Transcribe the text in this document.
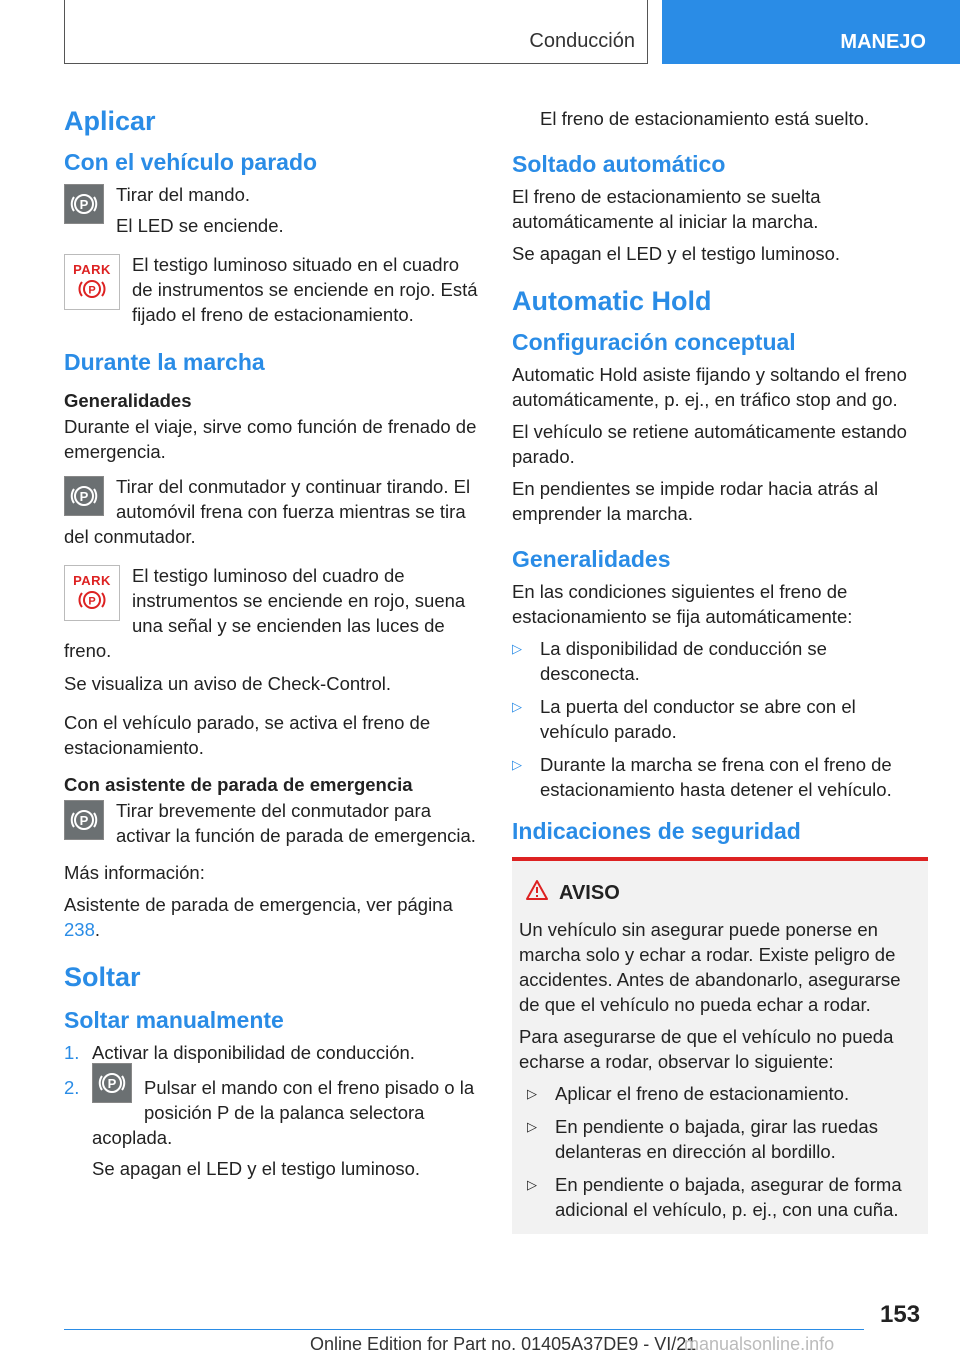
Conducción	MANEJO
Aplicar
Con el vehículo parado
P	Tirar del mando.
El LED se enciende.
PARK
P
El testigo luminoso situado en el cuadro de instrumentos se enciende en rojo. Está fijado el freno de estacionamiento.
Durante la marcha
Generalidades

Durante el viaje, sirve como función de frenado de emergencia.

P	Tirar del conmutador y continuar tirando. El automóvil frena con fuerza mientras se tira del conmutador.
PARK
P
El testigo luminoso del cuadro de instrumentos se enciende en rojo, suena una señal y se encienden las luces de freno.

Se visualiza un aviso de Check-Control.

Con el vehículo parado, se activa el freno de estacionamiento.

Con asistente de parada de emergencia
P	Tirar brevemente del conmutador para activar la función de parada de emergencia.

Más información:

Asistente de parada de emergencia, ver página 238.

Soltar
Soltar manualmente
1. Activar la disponibilidad de conducción.
2.	P Pulsar el mando con el freno pisado o la posición P de la palanca selectora acoplada.

Se apagan el LED y el testigo luminoso.

El freno de estacionamiento está suelto.

Soltado automático

El freno de estacionamiento se suelta automáticamente al iniciar la marcha.

Se apagan el LED y el testigo luminoso.

Automatic Hold
Configuración conceptual

Automatic Hold asiste fijando y soltando el freno automáticamente, p. ej., en tráfico stop and go.

El vehículo se retiene automáticamente estando parado.

En pendientes se impide rodar hacia atrás al emprender la marcha.

Generalidades

En las condiciones siguientes el freno de estacionamiento se fija automáticamente:

▷ La disponibilidad de conducción se desconecta.
▷ La puerta del conductor se abre con el vehículo parado.
▷ Durante la marcha se frena con el freno de estacionamiento hasta detener el vehículo.
Indicaciones de seguridad
AVISO

Un vehículo sin asegurar puede ponerse en marcha solo y echar a rodar. Existe peligro de accidentes. Antes de abandonarlo, asegurarse de que el vehículo no pueda echar a rodar.

Para asegurarse de que el vehículo no pueda echarse a rodar, observar lo siguiente:

▷ Aplicar el freno de estacionamiento.
▷ En pendiente o bajada, girar las ruedas delanteras en dirección al bordillo.
▷ En pendiente o bajada, asegurar de forma adicional el vehículo, p. ej., con una cuña.
153
Online Edition for Part no. 01405A37DE9 - VI/21
manualsonline.info
